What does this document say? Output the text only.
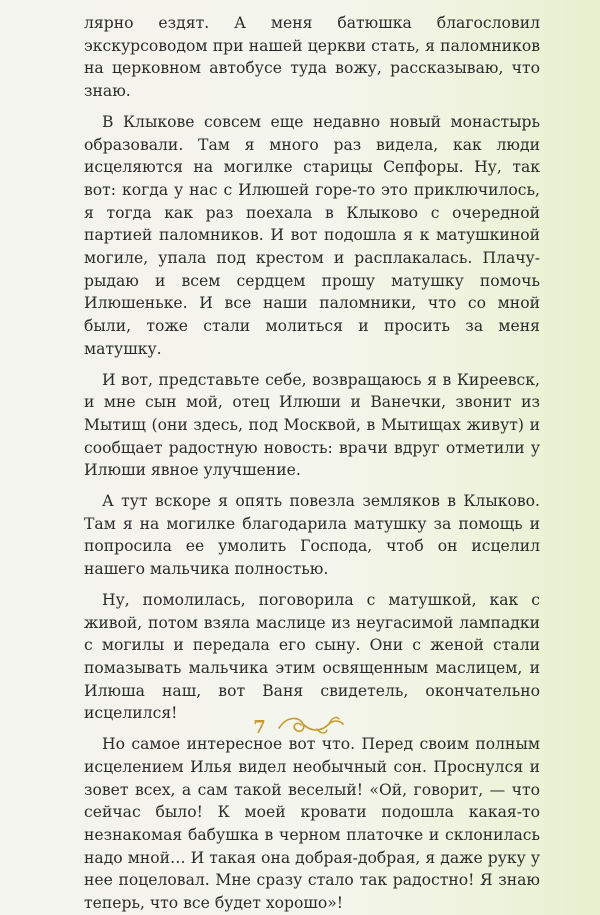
лярно ездят. А меня батюшка благословил экскурсоводом при нашей церкви стать, я паломников на церковном автобусе туда вожу, рассказываю, что знаю.

В Клыкове совсем еще недавно новый монастырь образовали. Там я много раз видела, как люди исцеляются на могилке старицы Сепфоры. Ну, так вот: когда у нас с Илюшей горе-то это приключилось, я тогда как раз поехала в Клыково с очередной партией паломников. И вот подошла я к матушкиной могиле, упала под крестом и расплакалась. Плачу-рыдаю и всем сердцем прошу матушку помочь Илюшеньке. И все наши паломники, что со мной были, тоже стали молиться и просить за меня матушку.

И вот, представьте себе, возвращаюсь я в Киреевск, и мне сын мой, отец Илюши и Ванечки, звонит из Мытищ (они здесь, под Москвой, в Мытищах живут) и сообщает радостную новость: врачи вдруг отметили у Илюши явное улучшение.

А тут вскоре я опять повезла земляков в Клыково. Там я на могилке благодарила матушку за помощь и попросила ее умолить Господа, чтоб он исцелил нашего мальчика полностью.

Ну, помолилась, поговорила с матушкой, как с живой, потом взяла маслице из неугасимой лампадки с могилы и передала его сыну. Они с женой стали помазывать мальчика этим освященным маслицем, и Илюша наш, вот Ваня свидетель, окончательно исцелился!

Но самое интересное вот что. Перед своим полным исцелением Илья видел необычный сон. Проснулся и зовет всех, а сам такой веселый! «Ой, говорит, — что сейчас было! К моей кровати подошла какая-то незнакомая бабушка в черном платочке и склонилась надо мной… И такая она добрая-добрая, я даже руку у нее поцеловал. Мне сразу стало так радостно! Я знаю теперь, что все будет хорошо»!

7
